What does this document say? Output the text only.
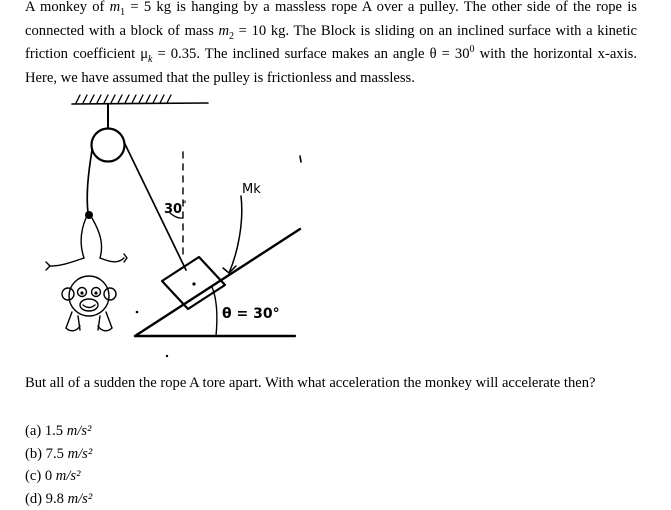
A monkey of $m_1 = 5$ kg is hanging by a massless rope A over a pulley. The other side of the rope is connected with a block of mass $m_2 = 10$ kg. The Block is sliding on an inclined surface with a kinetic friction coefficient $\mu_k = 0.35$. The inclined surface makes an angle $\theta = 30^0$ with the horizontal x-axis. Here, we have assumed that the pulley is frictionless and massless.
30°
Mk
θ = 30°
But all of a sudden the rope A tore apart. With what acceleration the monkey will accelerate then?
(a) 1.5 m/s²
(b) 7.5 m/s²
(c) 0 m/s²
(d) 9.8 m/s²
